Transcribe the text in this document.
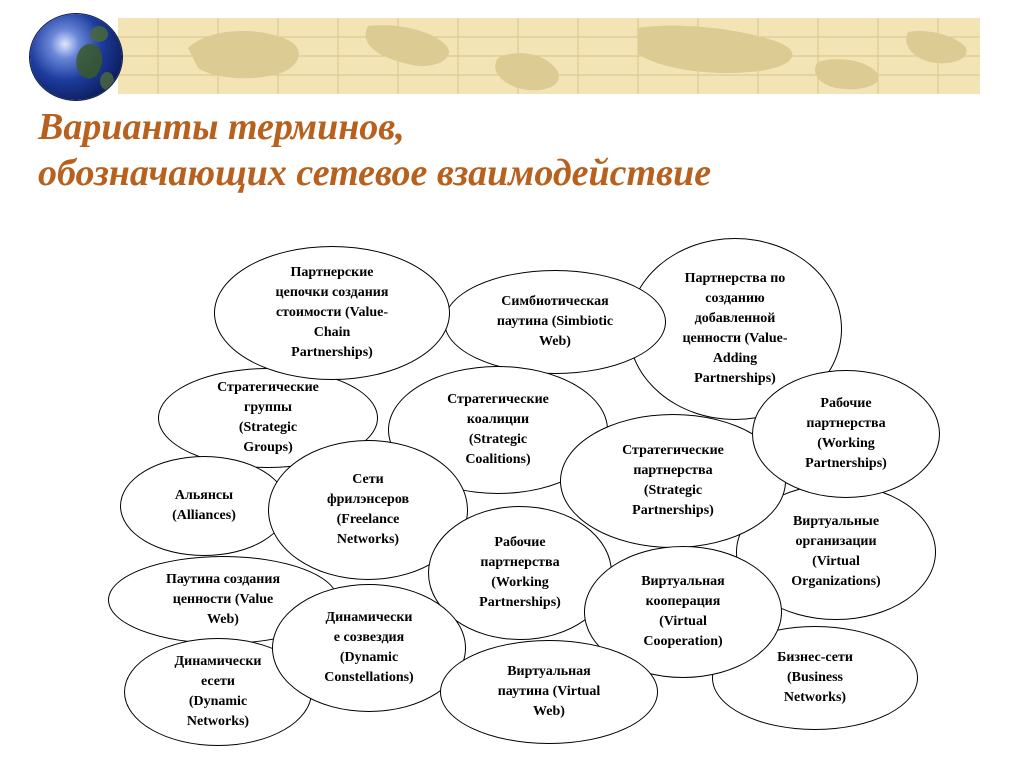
Варианты терминов,
обозначающих сетевое взаимодействие
Стратегические
группы
(Strategic
Groups)
Партнерства по
созданию
добавленной
ценности (Value-
Adding
Partnerships)
Симбиотическая
паутина (Simbiotic
Web)
Партнерские
цепочки создания
стоимости (Value-
Chain
Partnerships)
Стратегические
коалиции
(Strategic
Coalitions)
Виртуальные
организации
(Virtual
Organizations)
Стратегические
партнерства
(Strategic
Partnerships)
Рабочие
партнерства
(Working
Partnerships)
Альянсы
(Alliances)
Сети
фрилэнсеров
(Freelance
Networks)	Рабочие
партнерства
(Working
Partnerships)
Паутина создания
ценности (Value
Web)
Бизнес-сети
(Business
Networks)
Виртуальная
кооперация
(Virtual
Cooperation)
Динамически
есети
(Dynamic
Networks)
Динамически
е созвездия
(Dynamic
Constellations)	Виртуальная
паутина (Virtual
Web)
